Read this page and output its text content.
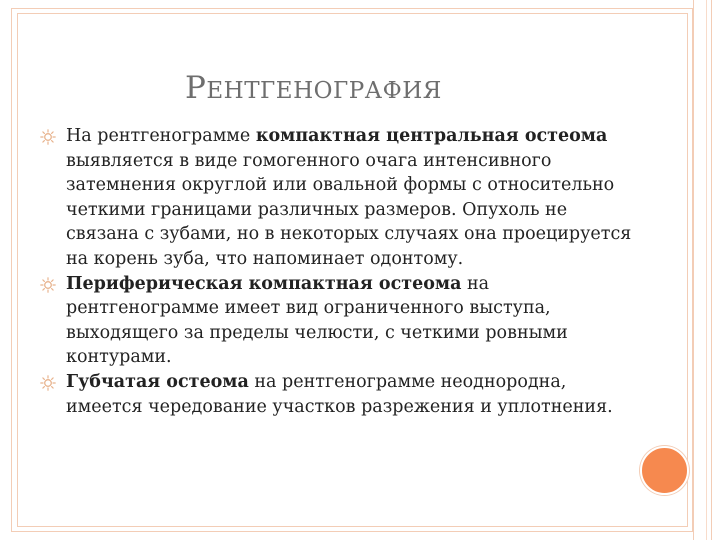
РЕНТГЕНОГРАФИЯ
На рентгенограмме компактная центральная остеома выявляется в виде гомогенного очага интенсивного затемнения округлой или овальной формы с относительно четкими границами различных размеров. Опухоль не связана с зубами, но в некоторых случаях она проецируется на корень зуба, что напоминает одонтому.
Периферическая компактная остеома на рентгенограмме имеет вид ограниченного выступа, выходящего за пределы челюсти, с четкими ровными контурами.
Губчатая остеома на рентгенограмме неоднородна, имеется чередование участков разрежения и уплотнения.
